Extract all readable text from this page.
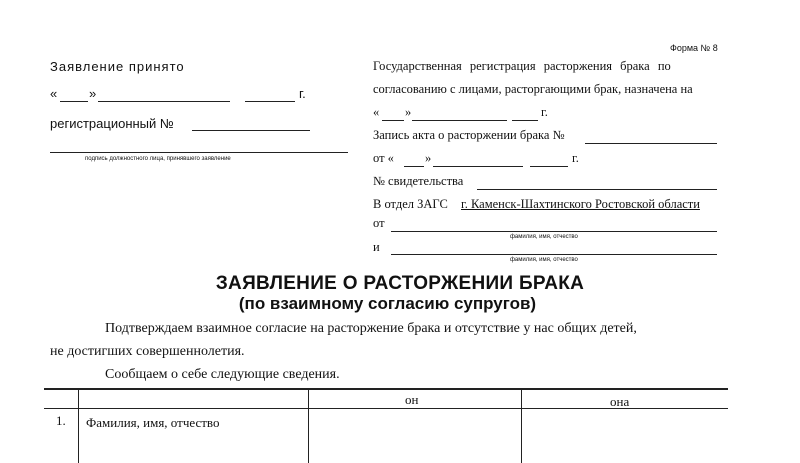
Форма № 8
Заявление принято
« »	г.
регистрационный №
подпись должностного лица, принявшего заявление
Государственная регистрация расторжения брака по
согласованию с лицами, расторгающими брак, назначена на
« »	г.
Запись акта о расторжении брака №
от « »	г.
№ свидетельства
В отдел ЗАГС г. Каменск-Шахтинского Ростовской области
от
фамилия, имя, отчество
и
фамилия, имя, отчество
ЗАЯВЛЕНИЕ О РАСТОРЖЕНИИ БРАКА
(по взаимному согласию супругов)
Подтверждаем взаимное согласие на расторжение брака и отсутствие у нас общих детей,
не достигших совершеннолетия.
Сообщаем о себе следующие сведения.
он	она
1. Фамилия, имя, отчество
